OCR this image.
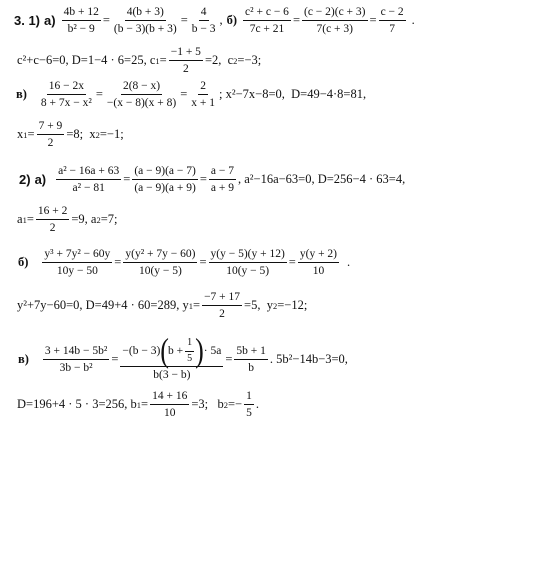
3. 1) $а) \frac{4b + 12}{\text{b² − 9}} = \frac{4(b + 3)}{(b - 3)(b + 3)} = \frac{4}{b - 3}$ , $б) \frac{\text{c² + c − 6}}{7c + 21} = \frac{(c - 2)(c + 3)}{7(c + 3)} = \frac{c - 2}{7}$ .
c²+c−6=0, D=1−4 · 6=25, c $1 = \frac{-1 + 5}{2} =2$,  c 2 =−3;
$в) \frac{16 - 2x}{\text{8 + 7x − x²}} = \frac{2(8 - x)}{-(x - 8)(x + 8)} = \frac{2}{x + 1}$ ; x²−7x−8=0,  D=49−4·8=81,
x $1 = \frac{7 + 9}{2} =8$;  x 2 =−1;
2) $а) \frac{\text{a² − 16a + 63}}{\text{a² − 81}} = \frac{(a - 9)(a - 7)}{(a - 9)(a + 9)} = \frac{a - 7}{a + 9}$ , a²−16a−63=0, D=256−4 · 63=4,
a $1 = \frac{16 + 2}{2} =9$, a 2 =7;
$б) \frac{\text{y³ + 7y² − 60y}}{10y - 50} = \frac{\text{y(y² + 7y − 60)}}{10(y - 5)} = \frac{y(y - 5)(y + 12)}{10(y - 5)} = \frac{y(y + 2)}{10}$ .
y²+7y−60=0, D=49+4 · 60=289, y $1 = \frac{-7 + 17}{2} =5$,  y 2 =−12;
$в) \frac{\text{3 + 14b − 5b²}}{\text{3b − b²}}$ =
−(b − 3) ( $b + \frac{1}{5}$ ) · 5a
b(3 − b)
= $\frac{5b + 1}{b}$ . 5b²−14b−3=0,
D=196+4 · 5 · 3=256, b $1 = \frac{14 + 16}{10} =3$;   b $2 =- \frac{1}{5}$ .
